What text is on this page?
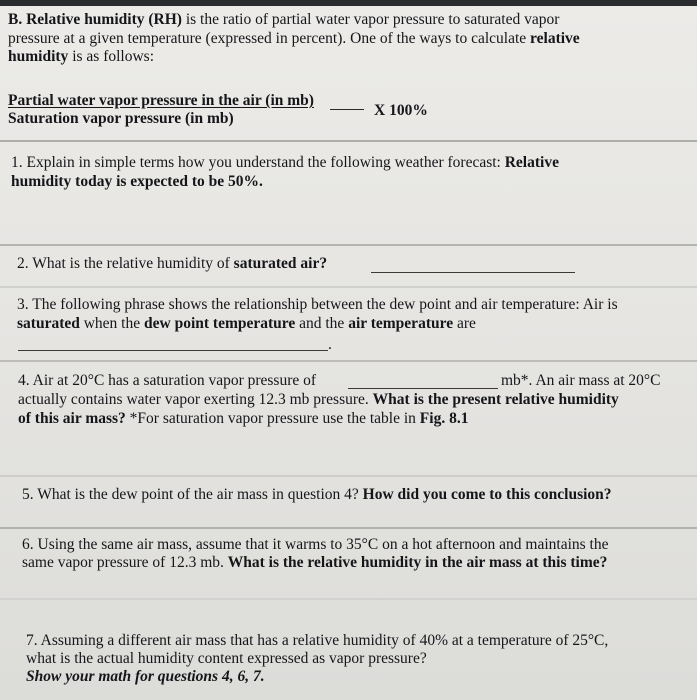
B. Relative humidity (RH) is the ratio of partial water vapor pressure to saturated vapor

pressure at a given temperature (expressed in percent). One of the ways to calculate relative

humidity is as follows:

Partial water vapor pressure in the air (in mb)

Saturation vapor pressure (in mb)	X 100%

1. Explain in simple terms how you understand the following weather forecast: Relative

humidity today is expected to be 50%.

2. What is the relative humidity of saturated air?

3. The following phrase shows the relationship between the dew point and air temperature: Air is

saturated when the dew point temperature and the air temperature are

.

4. Air at 20°C has a saturation vapor pressure of	mb*. An air mass at 20°C

actually contains water vapor exerting 12.3 mb pressure. What is the present relative humidity

of this air mass? *For saturation vapor pressure use the table in Fig. 8.1

5. What is the dew point of the air mass in question 4? How did you come to this conclusion?

6. Using the same air mass, assume that it warms to 35°C on a hot afternoon and maintains the

same vapor pressure of 12.3 mb. What is the relative humidity in the air mass at this time?

7. Assuming a different air mass that has a relative humidity of 40% at a temperature of 25°C,

what is the actual humidity content expressed as vapor pressure?

Show your math for questions 4, 6, 7.
